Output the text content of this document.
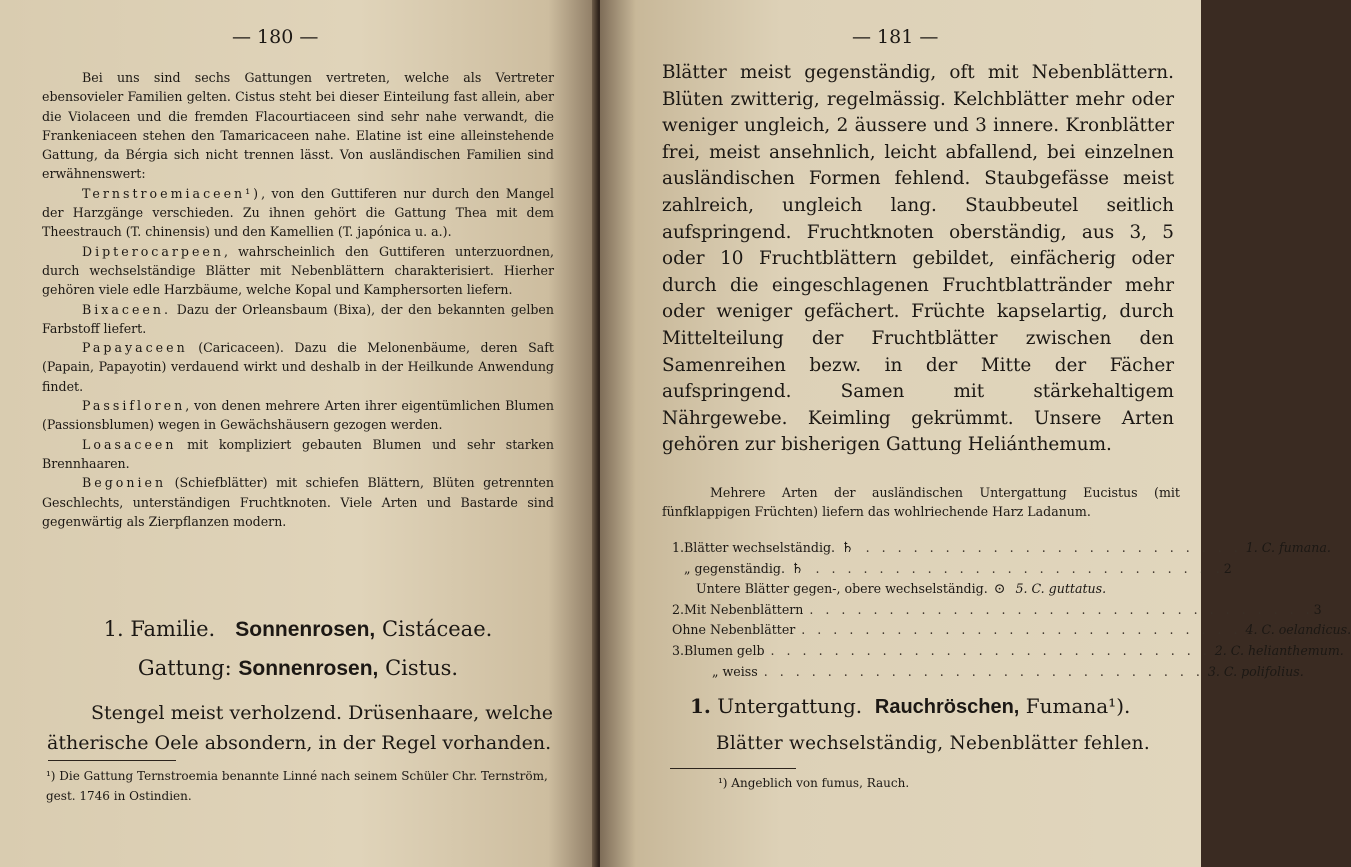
— 180 —

Bei uns sind sechs Gattungen vertreten, welche als Vertreter ebensovieler Familien gelten. Cistus steht bei dieser Einteilung fast allein, aber die Violaceen und die fremden Flacourtiaceen sind sehr nahe verwandt, die Frankeniaceen stehen den Tamaricaceen nahe. Elatine ist eine alleinstehende Gattung, da Bérgia sich nicht trennen lässt. Von ausländischen Familien sind erwähnenswert:

Ternstroemiaceen¹), von den Guttiferen nur durch den Mangel der Harzgänge verschieden. Zu ihnen gehört die Gattung Thea mit dem Theestrauch (T. chinensis) und den Kamellien (T. japónica u. a.).

Dipterocarpeen, wahrscheinlich den Guttiferen unterzuordnen, durch wechselständige Blätter mit Nebenblättern charakterisiert. Hierher gehören viele edle Harzbäume, welche Kopal und Kamphersorten liefern.

Bixaceen. Dazu der Orleansbaum (Bixa), der den bekannten gelben Farbstoff liefert.

Papayaceen (Caricaceen). Dazu die Melonenbäume, deren Saft (Papain, Papayotin) verdauend wirkt und deshalb in der Heilkunde Anwendung findet.

Passifloren, von denen mehrere Arten ihrer eigentümlichen Blumen (Passionsblumen) wegen in Gewächshäusern gezogen werden.

Loasaceen mit kompliziert gebauten Blumen und sehr starken Brennhaaren.

Begonien (Schiefblätter) mit schiefen Blättern, Blüten getrennten Geschlechts, unterständigen Fruchtknoten. Viele Arten und Bastarde sind gegenwärtig als Zierpflanzen modern.

1. Familie. Sonnenrosen, Cistáceae.
Gattung: Sonnenrosen, Cistus.

Stengel meist verholzend. Drüsenhaare, welche ätherische Oele absondern, in der Regel vorhanden.

¹) Die Gattung Ternstroemia benannte Linné nach seinem Schüler Chr. Ternström, gest. 1746 in Ostindien.
— 181 —

Blätter meist gegenständig, oft mit Nebenblättern. Blüten zwitterig, regelmässig. Kelchblätter mehr oder weniger ungleich, 2 äussere und 3 innere. Kronblätter frei, meist ansehnlich, leicht abfallend, bei einzelnen ausländischen Formen fehlend. Staubgefässe meist zahlreich, ungleich lang. Staubbeutel seitlich aufspringend. Fruchtknoten oberständig, aus 3, 5 oder 10 Fruchtblättern gebildet, einfächerig oder durch die eingeschlagenen Fruchtblattränder mehr oder weniger gefächert. Früchte kapselartig, durch Mittelteilung der Fruchtblätter zwischen den Samenreihen bezw. in der Mitte der Fächer aufspringend. Samen mit stärkehaltigem Nährgewebe. Keimling gekrümmt. Unsere Arten gehören zur bisherigen Gattung Heliánthemum.

Mehrere Arten der ausländischen Untergattung Eucistus (mit fünfklappigen Früchten) liefern das wohlriechende Harz Ladanum.

1. Blätter wechselständig. ♄ . . . . . . . . . . . . . . . . . . . . . . . . 1. C. fumana.
„ gegenständig. ♄ . . . . . . . . . . . . . . . . . . . . . . . . . . 2
Untere Blätter gegen-, obere wechselständig. ⊙ 5. C. guttatus.
2. Mit Nebenblättern . . . . . . . . . . . . . . . . . . . . . . . . . . . . . . . . 3
Ohne Nebenblätter . . . . . . . . . . . . . . . . . . . . . . . . . . . . 4. C. oelandicus.
3. Blumen gelb . . . . . . . . . . . . . . . . . . . . . . . . . . . . 2. C. helianthemum.
„ weiss . . . . . . . . . . . . . . . . . . . . . . . . . . . . 3. C. polifolius.
1. Untergattung. Rauchröschen, Fumana¹).
Blätter wechselständig, Nebenblätter fehlen.
¹) Angeblich von fumus, Rauch.
